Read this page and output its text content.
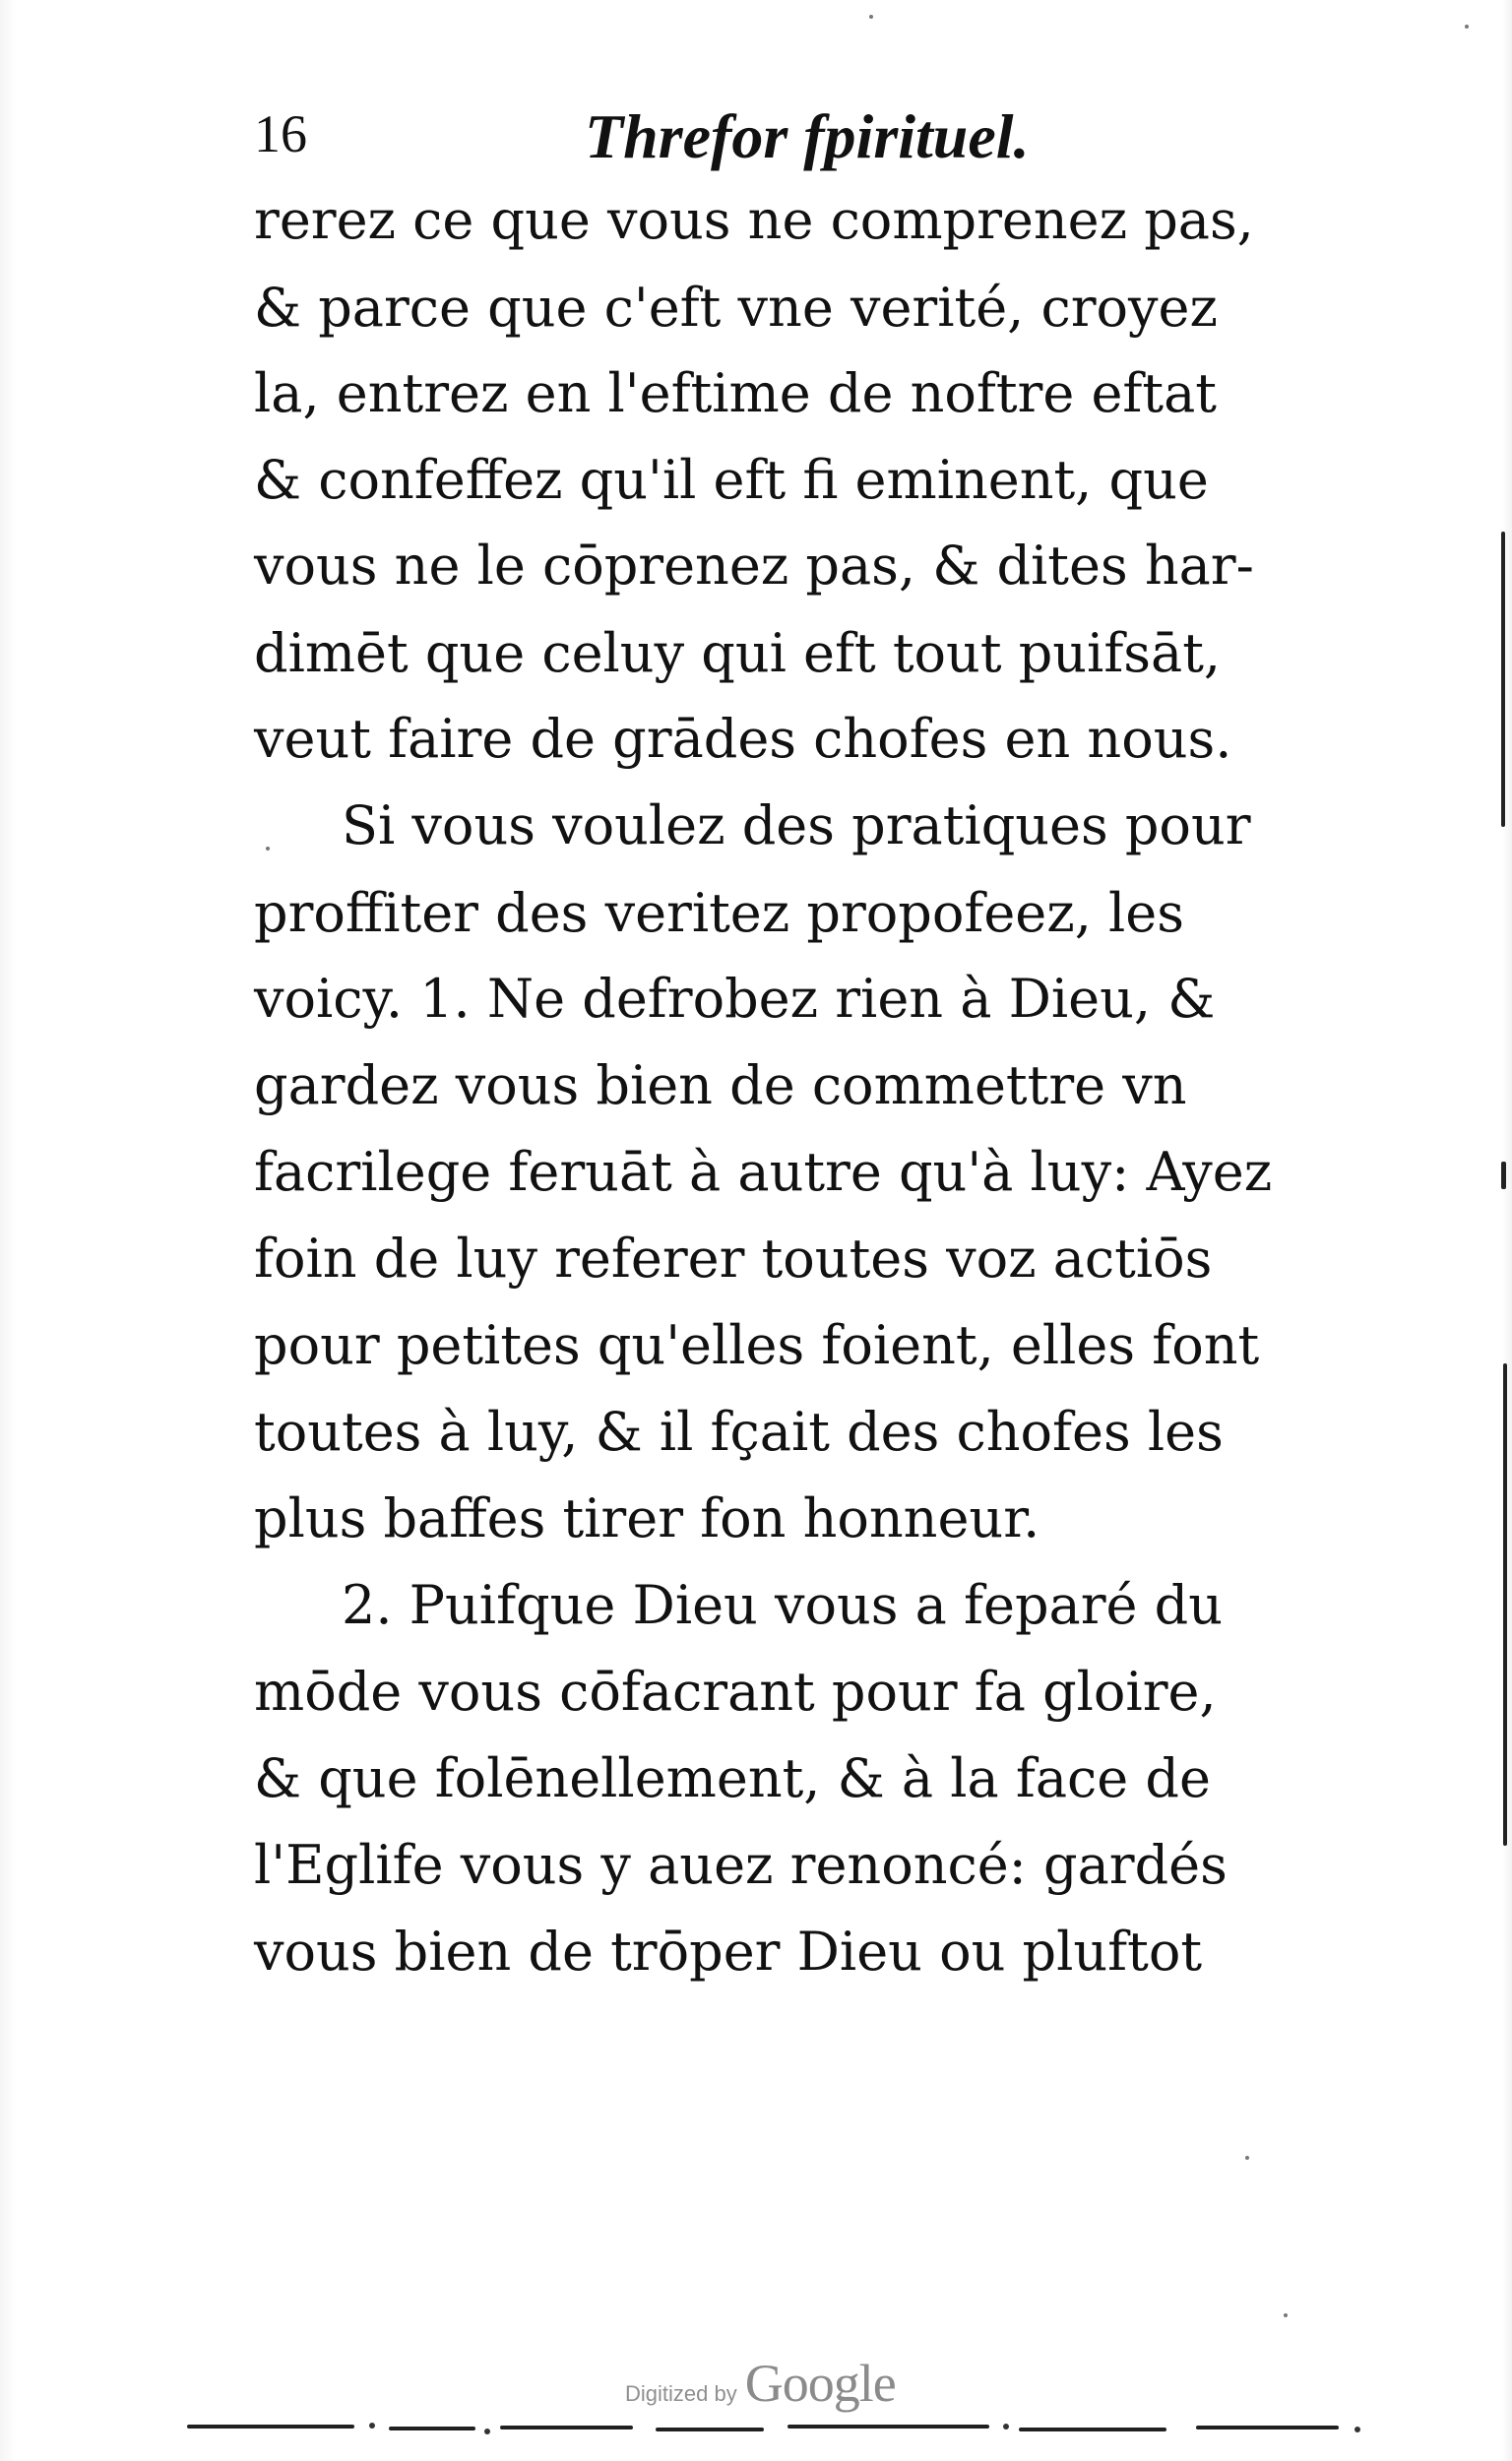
16	Threfor fpirituel.
rerez ce que vous ne comprenez pas,
& parce que c'eft vne verité, croyez
la, entrez en l'eftime de noftre eftat
& confeffez qu'il eft fi eminent, que
vous ne le cōprenez pas, & dites har-
dimēt que celuy qui eft tout puifsāt,
veut faire de grādes chofes en nous.
Si vous voulez des pratiques pour
proffiter des veritez propofeez, les
voicy. 1. Ne defrobez rien à Dieu, &
gardez vous bien de commettre vn
facrilege feruāt à autre qu'à luy: Ayez
foin de luy referer toutes voz actiōs
pour petites qu'elles foient, elles font
toutes à luy, & il fçait des chofes les
plus baffes tirer fon honneur.
2. Puifque Dieu vous a feparé du
mōde vous cōfacrant pour fa gloire,
& que folēnellement, & à la face de
l'Eglife vous y auez renoncé: gardés
vous bien de trōper Dieu ou pluftot
Digitized by Google
